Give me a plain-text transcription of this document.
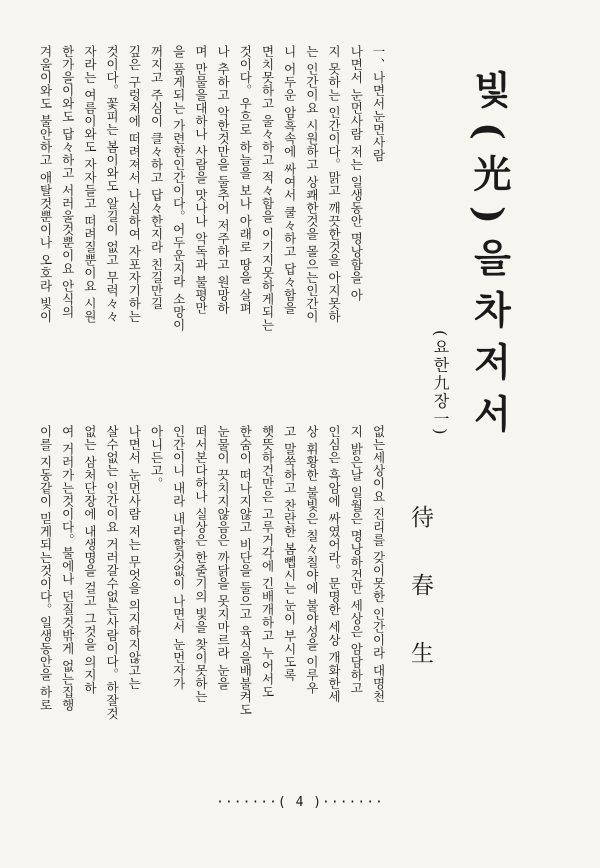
빛(光)을차저서
(요한九장一)
待春生
一、나면서눈먼사람
나면서 눈먼사람 저는 일생동안 명낭함을 아
지 못하는 인간이다。맑고 깨끗한것을 아지못하
는 인간이요 시원하고 상쾌한것을 몰으는인간이
니 어두운 암흑속에 싸여서 쿨々하고 답々함을
면치못하고 울々하고 적々함을 이기지못하게되는
것이다。우흐로 하늘을 보나 아래로 땅을 살펴
나 추하고 악한것만을 둘추어 저주하고 원망하
며 만물을대하나 사람을 맛나나 악독과 불평만
을 품게되는 가련한인간이다。어두운지라 소망이
꺼지고 주심이 클々하고 답々한지라 친길만길
깊은 구렁처에 떠려져서 나심하여 자포자기하는
것이다。꽃피는 봄이와도 알길이 없고 무럭々々
자라는 여름이와도 자자들고 떠려질뿐이요 시원
한가을이와도 답々하고 서러울것뿐이요 안식의
겨울이와도 불안하고 애탈것뿐이나 오호라 빛이
없는세상이요 진리를 갖이못한 인간이라 대명천
지 밝은날 일월은 명낭하건만 세상은 암담하고
인심은 흑암에 싸였어라。문명한 세상 개화한세
상 휘황한 불빛은 칠々칠야에 불야성을 이루우
고 말쑥하고 찬란한 봄뻽시는 눈이 부시도록
햇뜻하건만은 고루거각에 긴배개하고 누어서도
한숨이 떠나지않고 비단을 둘으고 육식을배불켜도
눈물이 끗치지않음은 까닭을 못지마르라 눈을
떠서본다하나 실상은 한줄기의 빛을 찾이못하는
인간이니 내라 내라할것없이 나면서 눈먼자가
아니든고。
나면서 눈먼사람 저는 무엇을 의지하지않고는
살수없는 인간이요 거러갈수없는사람이다。하잘것
없는 삼처단장에 내생명을 걸고 그것을 의지하
여 거러가는것이다。불에나 던질것밖게 없는집행
이를 지동같이 믿게되는것이다。일생동안을 하로
·······( 4 )·······
